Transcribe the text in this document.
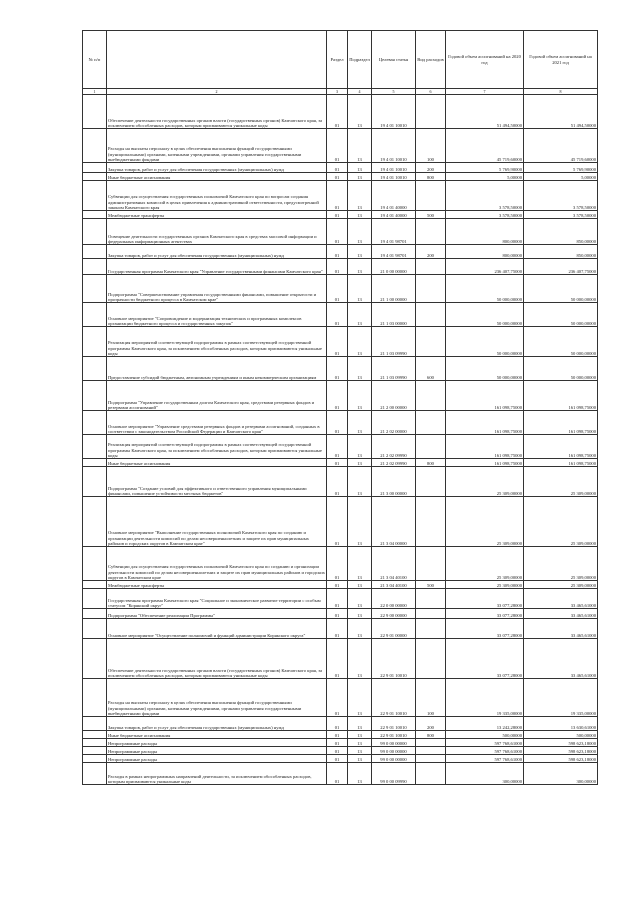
№ п/п		Раздел	Подраздел	Целевая статья	Вид расходов	Годовой объем ассигнований на 2020 год	Годовой объем ассигнований на 2021 год
1	2	3	4	5	6	7	8
	Обеспечение деятельности государственных органов власти (государственных органов) Камчатского края, за исключением обособленных расходов, которым присваиваются уникальные коды	01	13	19 4 01 10010		51 494,50000	51 494,50000
	Расходы на выплаты персоналу в целях обеспечения выполнения функций государственными (муниципальными) органами, казенными учреждениями, органами управления государственными внебюджетными фондами	01	13	19 4 01 10010	100	45 719,60000	45 719,60000
	Закупка товаров, работ и услуг для обеспечения государственных (муниципальных) нужд	01	13	19 4 01 10010	200	5 769,90000	5 769,90000
	Иные бюджетные ассигнования	01	13	19 4 01 10010	800	5,00000	5,00000
	Субвенции для осуществления государственных полномочий Камчатского края по вопросам создания административных комиссий в целях привлечения к административной ответственности, предусмотренной законом Камчатского края	01	13	19 4 01 40000		3 578,50000	3 578,50000
	Межбюджетные трансферты	01	13	19 4 01 40000	500	3 578,50000	3 578,50000
	Освещение деятельности государственных органов Камчатского края в средствах массовой информации и федеральных информационных агентствах	01	13	19 4 01 98701		800,00000	850,00000
	Закупка товаров, работ и услуг для обеспечения государственных (муниципальных) нужд	01	13	19 4 01 98701	200	800,00000	850,00000
	Государственная программа Камчатского края "Управление государственными финансами Камчатского края"	01	13	21 0 00 00000		236 407,75000	236 407,75000
	Подпрограмма "Совершенствование управления государственными финансами, повышение открытости и прозрачности бюджетного процесса в Камчатском крае"	01	13	21 1 00 00000		50 000,00000	50 000,00000
	Основное мероприятие "Сопровождение и модернизация технических и программных комплексов организации бюджетного процесса и государственных закупок"	01	13	21 1 03 00000		50 000,00000	50 000,00000
	Реализация мероприятий соответствующей подпрограммы в рамках соответствующей государственной программы Камчатского края, за исключением обособленных расходов, которым присваиваются уникальные коды	01	13	21 1 03 09990		50 000,00000	50 000,00000
	Предоставление субсидий бюджетным, автономным учреждениям и иным некоммерческим организациям	01	13	21 1 03 09990	600	50 000,00000	50 000,00000
	Подпрограмма "Управление государственным долгом Камчатского края, средствами резервных фондов и резервами ассигнований"	01	13	21 2 00 00000		161 098,75000	161 098,75000
	Основное мероприятие "Управление средствами резервных фондов и резервами ассигнований, созданных в соответствии с законодательством Российской Федерации и Камчатского края"	01	13	21 2 02 00000		161 098,75000	161 098,75000
	Реализация мероприятий соответствующей подпрограммы в рамках соответствующей государственной программы Камчатского края, за исключением обособленных расходов, которым присваиваются уникальные коды	01	13	21 2 02 09990		161 098,75000	161 098,75000
	Иные бюджетные ассигнования	01	13	21 2 02 09990	800	161 098,75000	161 098,75000
	Подпрограмма "Создание условий для эффективного и ответственного управления муниципальными финансами, повышение устойчивости местных бюджетов"	01	13	21 3 00 00000		25 309,00000	25 309,00000
	Основное мероприятие "Выполнение государственных полномочий Камчатского края по созданию и организации деятельности комиссий по делам несовершеннолетних и защите их прав муниципальных районов и городских округов в Камчатском крае"	01	13	21 3 04 00000		25 309,00000	25 309,00000
	Субвенции для осуществления государственных полномочий Камчатского края по созданию и организации деятельности комиссий по делам несовершеннолетних и защите их прав муниципальных районов и городских округов в Камчатском крае	01	13	21 3 04 40100		25 309,00000	25 309,00000
	Межбюджетные трансферты	01	13	21 3 04 40100	500	25 309,00000	25 309,00000
	Государственная программа Камчатского края "Социальное и экономическое развитие территории с особым статусом "Корякский округ"	01	13	22 0 00 00000		33 077,28000	33 465,61000
	Подпрограмма "Обеспечение реализации Программы"	01	13	22 9 00 00000		33 077,28000	33 465,61000
	Основное мероприятие "Осуществление полномочий и функций администрации Корякского округа"	01	13	22 9 01 00000		33 077,28000	33 465,61000
	Обеспечение деятельности государственных органов власти (государственных органов) Камчатского края, за исключением обособленных расходов, которым присваиваются уникальные коды	01	13	22 9 01 10010		33 077,28000	33 465,61000
	Расходы на выплаты персоналу в целях обеспечения выполнения функций государственными (муниципальными) органами, казенными учреждениями, органами управления государственными внебюджетными фондами	01	13	22 9 01 10010	100	19 335,00000	19 335,00000
	Закупка товаров, работ и услуг для обеспечения государственных (муниципальных) нужд	01	13	22 9 01 10010	200	13 242,28000	13 630,61000
	Иные бюджетные ассигнования	01	13	22 9 01 10010	800	500,00000	500,00000
	Непрограммные расходы	01	13	99 0 00 00000		597 768,61000	598 623,18000
	Непрограммные расходы	01	13	99 0 00 00000		597 768,61000	598 623,18000
	Непрограммные расходы	01	13	99 0 00 00000		597 768,61000	598 623,18000
	Расходы в рамках непрограммных направлений деятельности, за исключением обособленных расходов, которым присваиваются уникальные коды	01	13	99 0 00 09990		300,00000	300,00000
